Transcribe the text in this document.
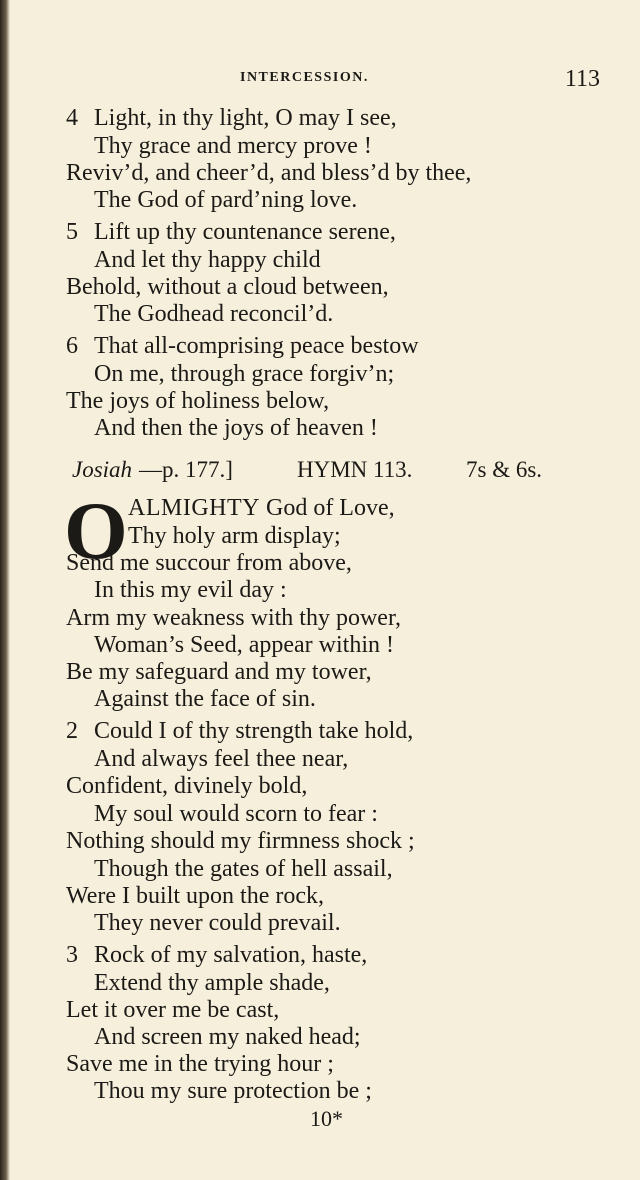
INTERCESSION.	113
4 Light, in thy light, O may I see,
Thy grace and mercy prove !
Reviv’d, and cheer’d, and bless’d by thee,
The God of pard’ning love.
5 Lift up thy countenance serene,
And let thy happy child
Behold, without a cloud between,
The Godhead reconcil’d.
6 That all-comprising peace bestow
On me, through grace forgiv’n;
The joys of holiness below,
And then the joys of heaven !
Josiah —p. 177.]	HYMN 113. 7s & 6s.
O ALMIGHTY God of Love,
Thy holy arm display;
Send me succour from above,
In this my evil day :
Arm my weakness with thy power,
Woman’s Seed, appear within !
Be my safeguard and my tower,
Against the face of sin.
2 Could I of thy strength take hold,
And always feel thee near,
Confident, divinely bold,
My soul would scorn to fear :
Nothing should my firmness shock ;
Though the gates of hell assail,
Were I built upon the rock,
They never could prevail.
3 Rock of my salvation, haste,
Extend thy ample shade,
Let it over me be cast,
And screen my naked head;
Save me in the trying hour ;
Thou my sure protection be ;
10*
